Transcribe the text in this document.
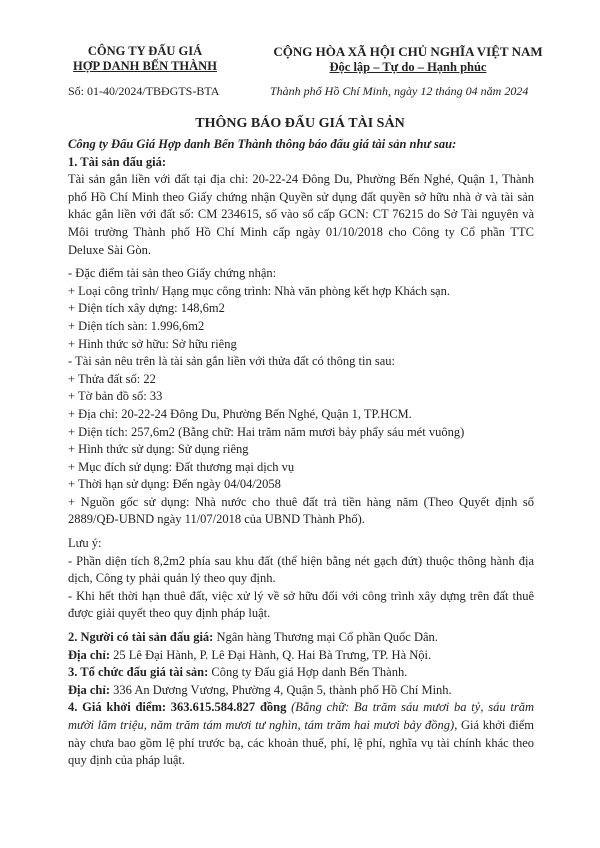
CÔNG TY ĐẤU GIÁ
HỢP DANH BẾN THÀNH
CỘNG HÒA XÃ HỘI CHỦ NGHĨA VIỆT NAM
Độc lập – Tự do – Hạnh phúc
Số: 01-40/2024/TBĐGTS-BTA	Thành phố Hồ Chí Minh, ngày 12 tháng 04 năm 2024
THÔNG BÁO ĐẤU GIÁ TÀI SẢN

Công ty Đấu Giá Hợp danh Bến Thành thông báo đấu giá tài sản như sau:

1. Tài sản đấu giá:

Tài sản gắn liền với đất tại địa chỉ: 20-22-24 Đông Du, Phường Bến Nghé, Quận 1, Thành phố Hồ Chí Minh theo Giấy chứng nhận Quyền sử dụng đất quyền sở hữu nhà ở và tài sản khác gắn liền với đất số: CM 234615, số vào sổ cấp GCN: CT 76215 do Sở Tài nguyên và Môi trường Thành phố Hồ Chí Minh cấp ngày 01/10/2018 cho Công ty Cổ phần TTC Deluxe Sài Gòn.

- Đặc điểm tài sản theo Giấy chứng nhận:

+ Loại công trình/ Hạng mục công trình: Nhà văn phòng kết hợp Khách sạn.

+ Diện tích xây dựng: 148,6m2

+ Diện tích sàn: 1.996,6m2

+ Hình thức sở hữu: Sở hữu riêng

- Tài sản nêu trên là tài sản gắn liền với thửa đất có thông tin sau:

+ Thửa đất số: 22

+ Tờ bản đồ số: 33

+ Địa chỉ: 20-22-24 Đông Du, Phường Bến Nghé, Quận 1, TP.HCM.

+ Diện tích: 257,6m2 (Bằng chữ: Hai trăm năm mươi bảy phẩy sáu mét vuông)

+ Hình thức sử dụng: Sử dụng riêng

+ Mục đích sử dụng: Đất thương mại dịch vụ

+ Thời hạn sử dụng: Đến ngày 04/04/2058

+ Nguồn gốc sử dụng: Nhà nước cho thuê đất trả tiền hàng năm (Theo Quyết định số 2889/QĐ-UBND ngày 11/07/2018 của UBND Thành Phố).

Lưu ý:

- Phần diện tích 8,2m2 phía sau khu đất (thể hiện bằng nét gạch đứt) thuộc thông hành địa dịch, Công ty phải quản lý theo quy định.

- Khi hết thời hạn thuê đất, việc xử lý về sở hữu đối với công trình xây dựng trên đất thuê được giải quyết theo quy định pháp luật.

2. Người có tài sản đấu giá: Ngân hàng Thương mại Cổ phần Quốc Dân.

Địa chỉ: 25 Lê Đại Hành, P. Lê Đại Hành, Q. Hai Bà Trưng, TP. Hà Nội.

3. Tổ chức đấu giá tài sản: Công ty Đấu giá Hợp danh Bến Thành.

Địa chỉ: 336 An Dương Vương, Phường 4, Quận 5, thành phố Hồ Chí Minh.

4. Giá khởi điểm: 363.615.584.827 đồng (Bằng chữ: Ba trăm sáu mươi ba tỷ, sáu trăm mười lăm triệu, năm trăm tám mươi tư nghìn, tám trăm hai mươi bảy đồng), Giá khởi điểm này chưa bao gồm lệ phí trước bạ, các khoản thuế, phí, lệ phí, nghĩa vụ tài chính khác theo quy định của pháp luật.
